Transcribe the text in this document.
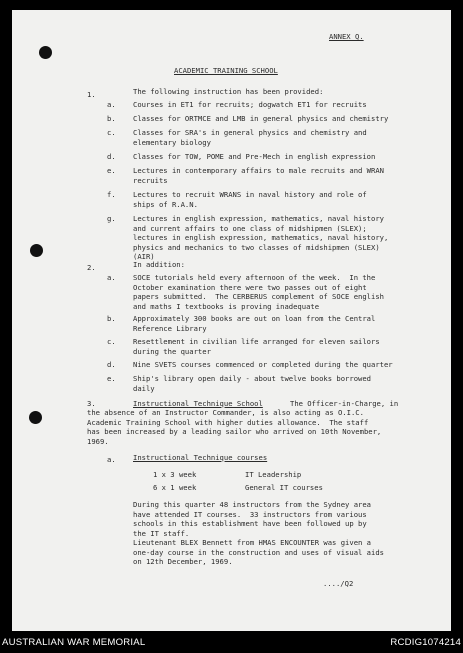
ANNEX Q.
ACADEMIC TRAINING SCHOOL
1.	The following instruction has been provided:
a. Courses in ET1 for recruits; dogwatch ET1 for recruits
b. Classes for ORTMCE and LMB in general physics and chemistry
c. Classes for SRA's in general physics and chemistry and
elementary biology
d. Classes for TOW, POME and Pre-Mech in english expression
e. Lectures in contemporary affairs to male recruits and WRAN
recruits
f. Lectures to recruit WRANS in naval history and role of
ships of R.A.N.
g. Lectures in english expression, mathematics, naval history
and current affairs to one class of midshipmen (SLEX);
lectures in english expression, mathematics, naval history,
physics and mechanics to two classes of midshipmen (SLEX)
(AIR)
2.	In addition:
a. SOCE tutorials held every afternoon of the week.  In the
October examination there were two passes out of eight
papers submitted.  The CERBERUS complement of SOCE english
and maths I textbooks is proving inadequate
b. Approximately 300 books are out on loan from the Central
Reference Library
c. Resettlement in civilian life arranged for eleven sailors
during the quarter
d. Nine SVETS courses commenced or completed during the quarter
e. Ship's library open daily - about twelve books borrowed
daily
3.	Instructional Technique School	The Officer-in-Charge, in
the absence of an Instructor Commander, is also acting as O.I.C.
Academic Training School with higher duties allowance.  The staff
has been increased by a leading sailor who arrived on 10th November,
1969.
a. Instructional Technique courses
1 x 3 week	IT Leadership
6 x 1 week	General IT courses
During this quarter 48 instructors from the Sydney area
have attended IT courses.  33 instructors from various
schools in this establishment have been followed up by
the IT staff.
Lieutenant BLEX Bennett from HMAS ENCOUNTER was given a
one-day course in the construction and uses of visual aids
on 12th December, 1969.
..../Q2
AUSTRALIAN WAR MEMORIAL	RCDIG1074214
